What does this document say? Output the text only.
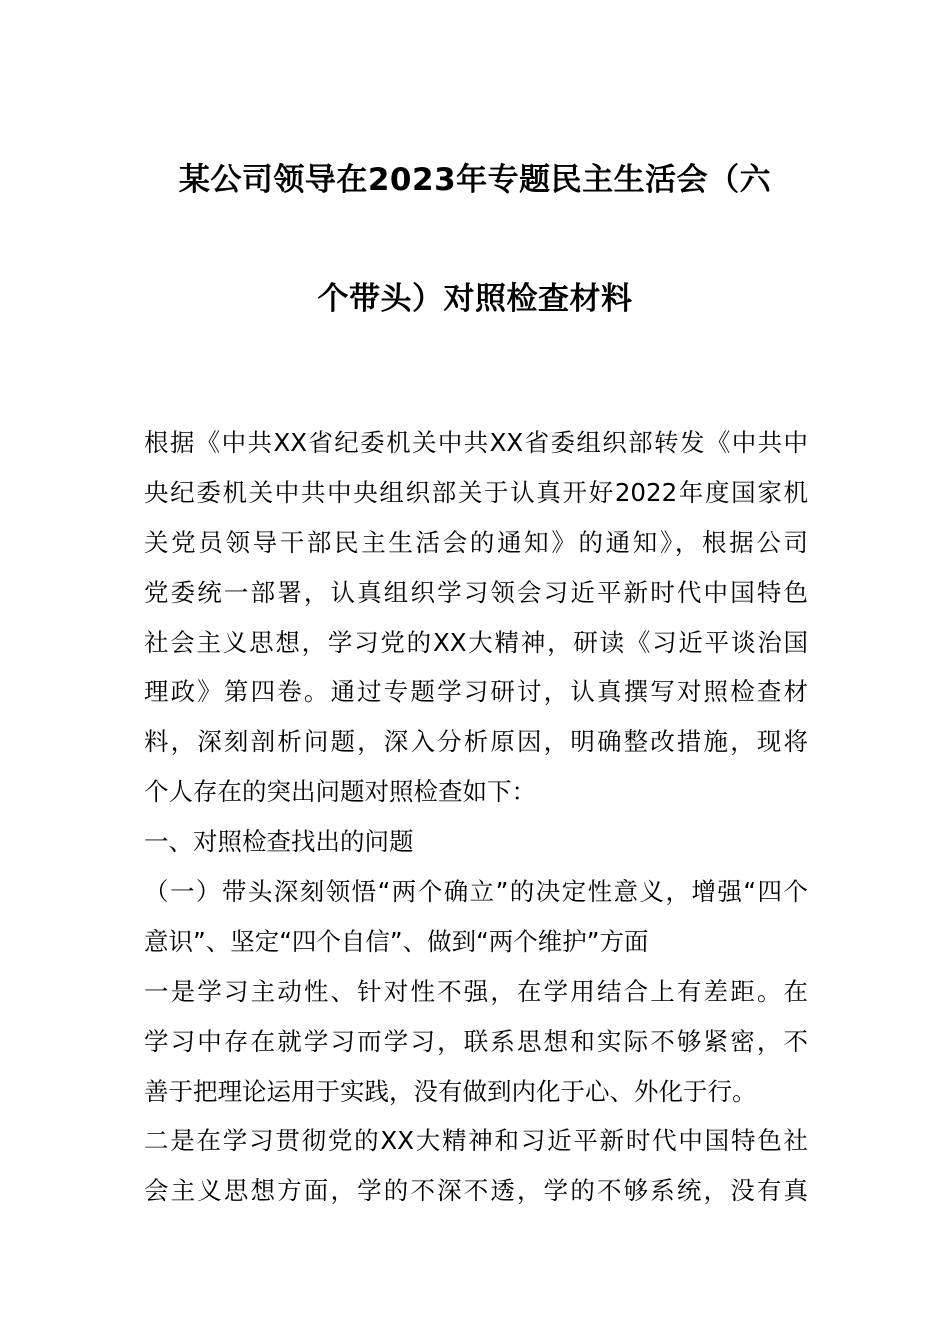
某公司领导在2023年专题民主生活会（六
个带头）对照检查材料
根据《中共XX省纪委机关中共XX省委组织部转发《中共中
央纪委机关中共中央组织部关于认真开好2022年度国家机
关党员领导干部民主生活会的通知》的通知》，根据公司
党委统一部署，认真组织学习领会习近平新时代中国特色
社会主义思想，学习党的XX大精神，研读《习近平谈治国
理政》第四卷。通过专题学习研讨，认真撰写对照检查材
料，深刻剖析问题，深入分析原因，明确整改措施，现将
个人存在的突出问题对照检查如下：
一、对照检查找出的问题
（一）带头深刻领悟“两个确立”的决定性意义，增强“四个
意识”、坚定“四个自信”、做到“两个维护”方面
一是学习主动性、针对性不强，在学用结合上有差距。在
学习中存在就学习而学习，联系思想和实际不够紧密，不
善于把理论运用于实践，没有做到内化于心、外化于行。
二是在学习贯彻党的XX大精神和习近平新时代中国特色社
会主义思想方面，学的不深不透，学的不够系统，没有真
